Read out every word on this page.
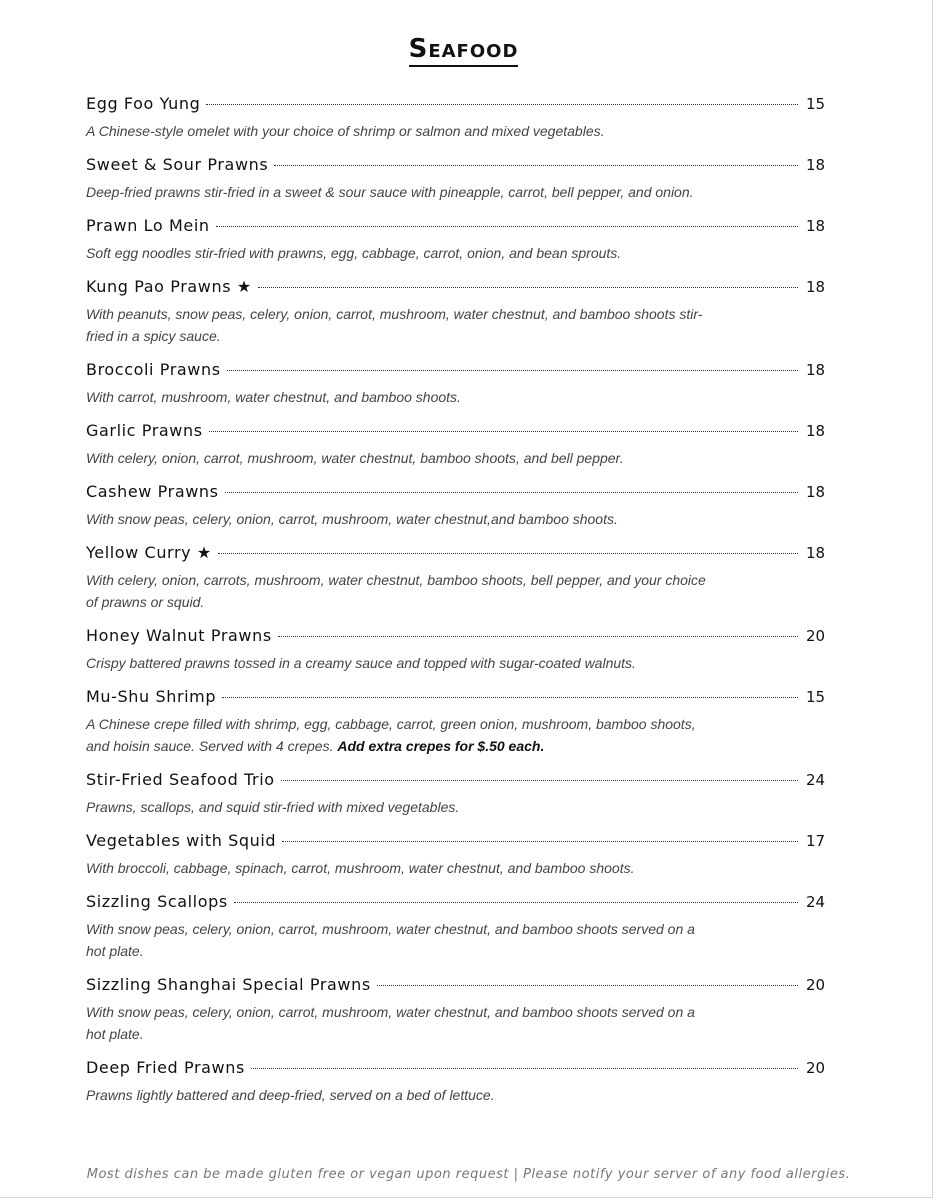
Seafood
Egg Foo Yung	15
A Chinese-style omelet with your choice of shrimp or salmon and mixed vegetables.
Sweet & Sour Prawns	18
Deep-fried prawns stir-fried in a sweet & sour sauce with pineapple, carrot, bell pepper, and onion.
Prawn Lo Mein	18
Soft egg noodles stir-fried with prawns, egg, cabbage, carrot, onion, and bean sprouts.
Kung Pao Prawns ★	18
With peanuts, snow peas, celery, onion, carrot, mushroom, water chestnut, and bamboo shoots stir-fried in a spicy sauce.
Broccoli Prawns	18
With carrot, mushroom, water chestnut, and bamboo shoots.
Garlic Prawns	18
With celery, onion, carrot, mushroom, water chestnut, bamboo shoots, and bell pepper.
Cashew Prawns	18
With snow peas, celery, onion, carrot, mushroom, water chestnut,and bamboo shoots.
Yellow Curry ★	18
With celery, onion, carrots, mushroom, water chestnut, bamboo shoots, bell pepper, and your choice of prawns or squid.
Honey Walnut Prawns	20
Crispy battered prawns tossed in a creamy sauce and topped with sugar-coated walnuts.
Mu-Shu Shrimp	15
A Chinese crepe filled with shrimp, egg, cabbage, carrot, green onion, mushroom, bamboo shoots, and hoisin sauce. Served with 4 crepes. Add extra crepes for $.50 each.
Stir-Fried Seafood Trio	24
Prawns, scallops, and squid stir-fried with mixed vegetables.
Vegetables with Squid	17
With broccoli, cabbage, spinach, carrot, mushroom, water chestnut, and bamboo shoots.
Sizzling Scallops	24
With snow peas, celery, onion, carrot, mushroom, water chestnut, and bamboo shoots served on a hot plate.
Sizzling Shanghai Special Prawns	20
With snow peas, celery, onion, carrot, mushroom, water chestnut, and bamboo shoots served on a hot plate.
Deep Fried Prawns	20
Prawns lightly battered and deep-fried, served on a bed of lettuce.
Most dishes can be made gluten free or vegan upon request | Please notify your server of any food allergies.
